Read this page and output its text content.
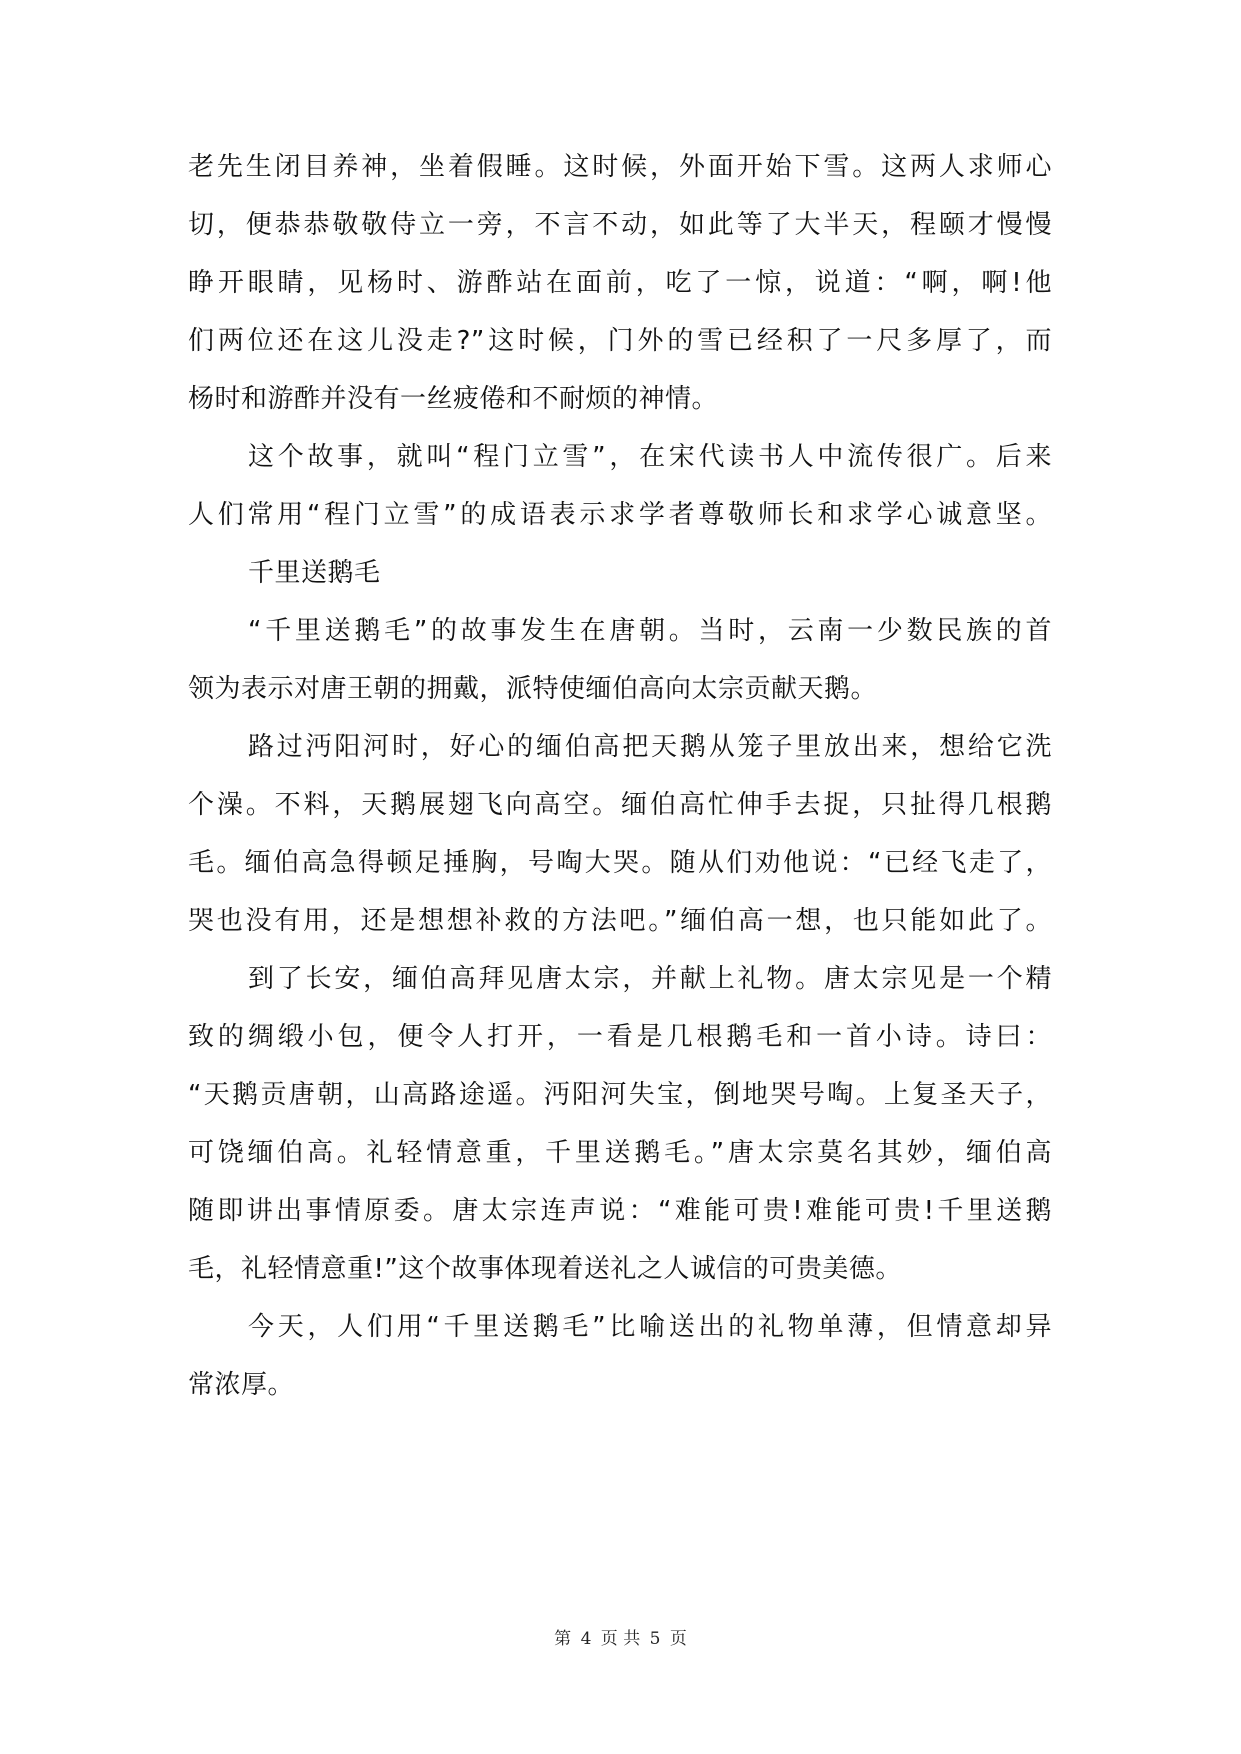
老先生闭目养神，坐着假睡。这时候，外面开始下雪。这两人求师心
切，便恭恭敬敬侍立一旁，不言不动，如此等了大半天，程颐才慢慢
睁开眼睛，见杨时、游酢站在面前，吃了一惊，说道：“啊，啊!他
们两位还在这儿没走?”这时候，门外的雪已经积了一尺多厚了，而
杨时和游酢并没有一丝疲倦和不耐烦的神情。
这个故事，就叫“程门立雪”，在宋代读书人中流传很广。后来
人们常用“程门立雪”的成语表示求学者尊敬师长和求学心诚意坚。
千里送鹅毛
“千里送鹅毛”的故事发生在唐朝。当时，云南一少数民族的首
领为表示对唐王朝的拥戴，派特使缅伯高向太宗贡献天鹅。
路过沔阳河时，好心的缅伯高把天鹅从笼子里放出来，想给它洗
个澡。不料，天鹅展翅飞向高空。缅伯高忙伸手去捉，只扯得几根鹅
毛。缅伯高急得顿足捶胸，号啕大哭。随从们劝他说：“已经飞走了，
哭也没有用，还是想想补救的方法吧。”缅伯高一想，也只能如此了。
到了长安，缅伯高拜见唐太宗，并献上礼物。唐太宗见是一个精
致的绸缎小包，便令人打开，一看是几根鹅毛和一首小诗。诗曰：
“天鹅贡唐朝，山高路途遥。沔阳河失宝，倒地哭号啕。上复圣天子，
可饶缅伯高。礼轻情意重，千里送鹅毛。”唐太宗莫名其妙，缅伯高
随即讲出事情原委。唐太宗连声说：“难能可贵!难能可贵!千里送鹅
毛，礼轻情意重!”这个故事体现着送礼之人诚信的可贵美德。
今天，人们用“千里送鹅毛”比喻送出的礼物单薄，但情意却异
常浓厚。
第 4 页 共 5 页
